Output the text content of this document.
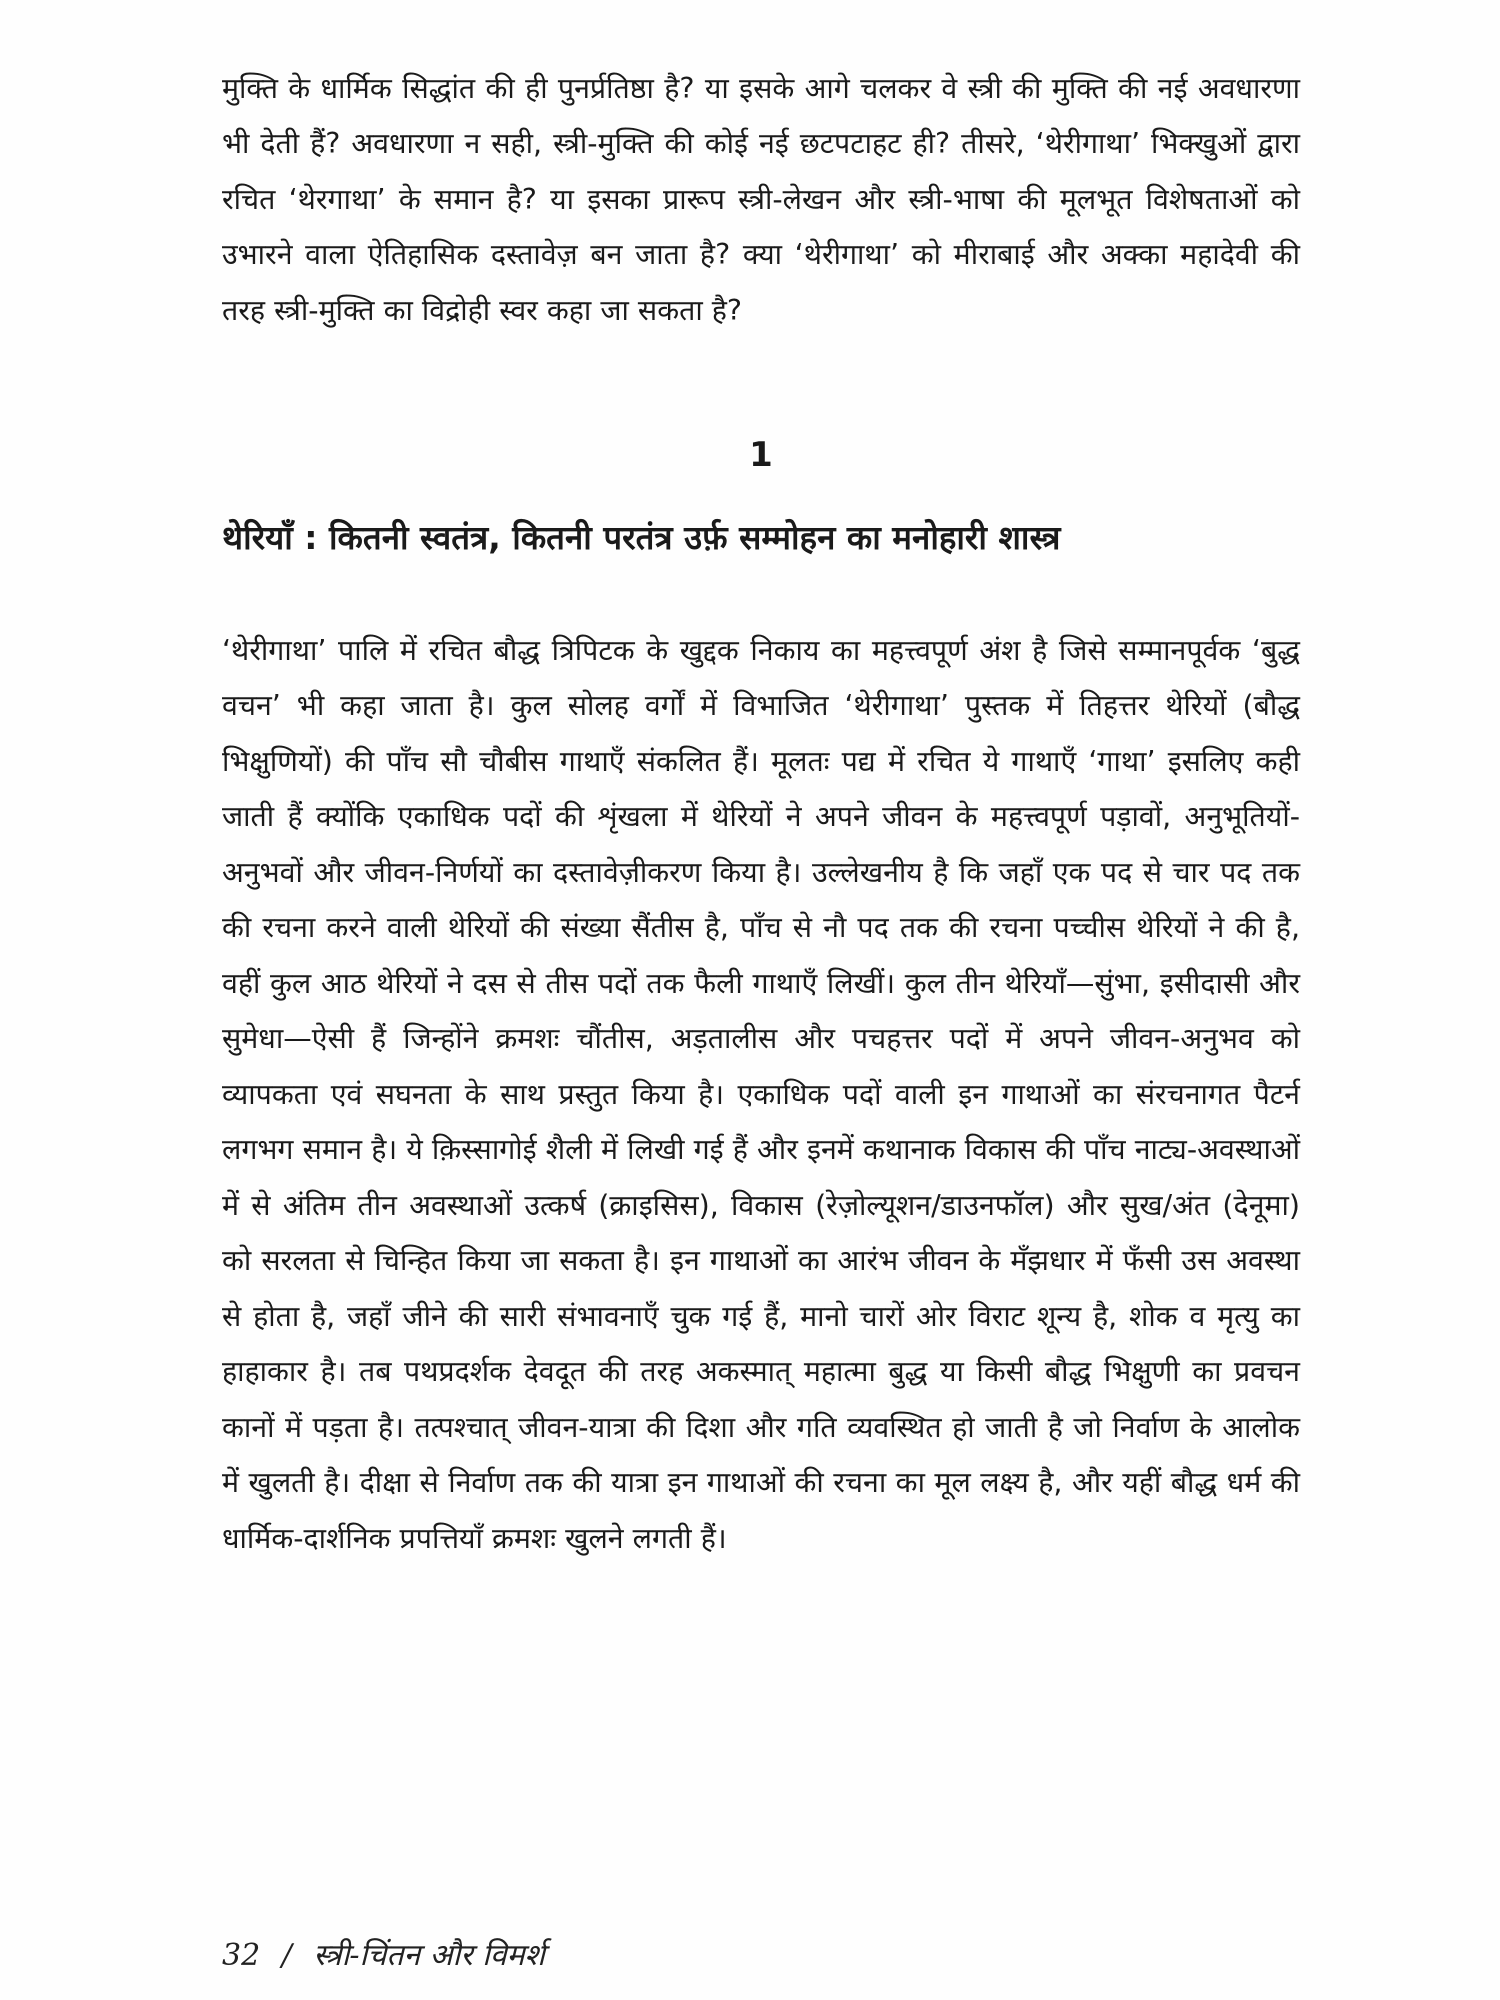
मुक्ति के धार्मिक सिद्धांत की ही पुनर्प्रतिष्ठा है? या इसके आगे चलकर वे स्त्री की मुक्ति की नई अवधारणा भी देती हैं? अवधारणा न सही, स्त्री-मुक्ति की कोई नई छटपटाहट ही? तीसरे, ‘थेरीगाथा’ भिक्खुओं द्वारा रचित ‘थेरगाथा’ के समान है? या इसका प्रारूप स्त्री-लेखन और स्त्री-भाषा की मूलभूत विशेषताओं को उभारने वाला ऐतिहासिक दस्तावेज़ बन जाता है? क्या ‘थेरीगाथा’ को मीराबाई और अक्का महादेवी की तरह स्त्री-मुक्ति का विद्रोही स्वर कहा जा सकता है?

1
थेरियाँ : कितनी स्वतंत्र, कितनी परतंत्र उर्फ़ सम्मोहन का मनोहारी शास्त्र

‘थेरीगाथा’ पालि में रचित बौद्ध त्रिपिटक के खुद्दक निकाय का महत्त्वपूर्ण अंश है जिसे सम्मानपूर्वक ‘बुद्ध वचन’ भी कहा जाता है। कुल सोलह वर्गों में विभाजित ‘थेरीगाथा’ पुस्तक में तिहत्तर थेरियों (बौद्ध भिक्षुणियों) की पाँच सौ चौबीस गाथाएँ संकलित हैं। मूलतः पद्य में रचित ये गाथाएँ ‘गाथा’ इसलिए कही जाती हैं क्योंकि एकाधिक पदों की शृंखला में थेरियों ने अपने जीवन के महत्त्वपूर्ण पड़ावों, अनुभूतियों-अनुभवों और जीवन-निर्णयों का दस्तावेज़ीकरण किया है। उल्लेखनीय है कि जहाँ एक पद से चार पद तक की रचना करने वाली थेरियों की संख्या सैंतीस है, पाँच से नौ पद तक की रचना पच्चीस थेरियों ने की है, वहीं कुल आठ थेरियों ने दस से तीस पदों तक फैली गाथाएँ लिखीं। कुल तीन थेरियाँ—सुंभा, इसीदासी और सुमेधा—ऐसी हैं जिन्होंने क्रमशः चौंतीस, अड़तालीस और पचहत्तर पदों में अपने जीवन-अनुभव को व्यापकता एवं सघनता के साथ प्रस्तुत किया है। एकाधिक पदों वाली इन गाथाओं का संरचनागत पैटर्न लगभग समान है। ये क़िस्सागोई शैली में लिखी गई हैं और इनमें कथानाक विकास की पाँच नाट्य-अवस्थाओं में से अंतिम तीन अवस्थाओं उत्कर्ष (क्राइसिस), विकास (रेज़ोल्यूशन/डाउनफॉल) और सुख/अंत (देनूमा) को सरलता से चिन्हित किया जा सकता है। इन गाथाओं का आरंभ जीवन के मँझधार में फँसी उस अवस्था से होता है, जहाँ जीने की सारी संभावनाएँ चुक गई हैं, मानो चारों ओर विराट शून्य है, शोक व मृत्यु का हाहाकार है। तब पथप्रदर्शक देवदूत की तरह अकस्मात् महात्मा बुद्ध या किसी बौद्ध भिक्षुणी का प्रवचन कानों में पड़ता है। तत्पश्चात् जीवन-यात्रा की दिशा और गति व्यवस्थित हो जाती है जो निर्वाण के आलोक में खुलती है। दीक्षा से निर्वाण तक की यात्रा इन गाथाओं की रचना का मूल लक्ष्य है, और यहीं बौद्ध धर्म की धार्मिक-दार्शनिक प्रपत्तियाँ क्रमशः खुलने लगती हैं।

32 / स्त्री-चिंतन और विमर्श
